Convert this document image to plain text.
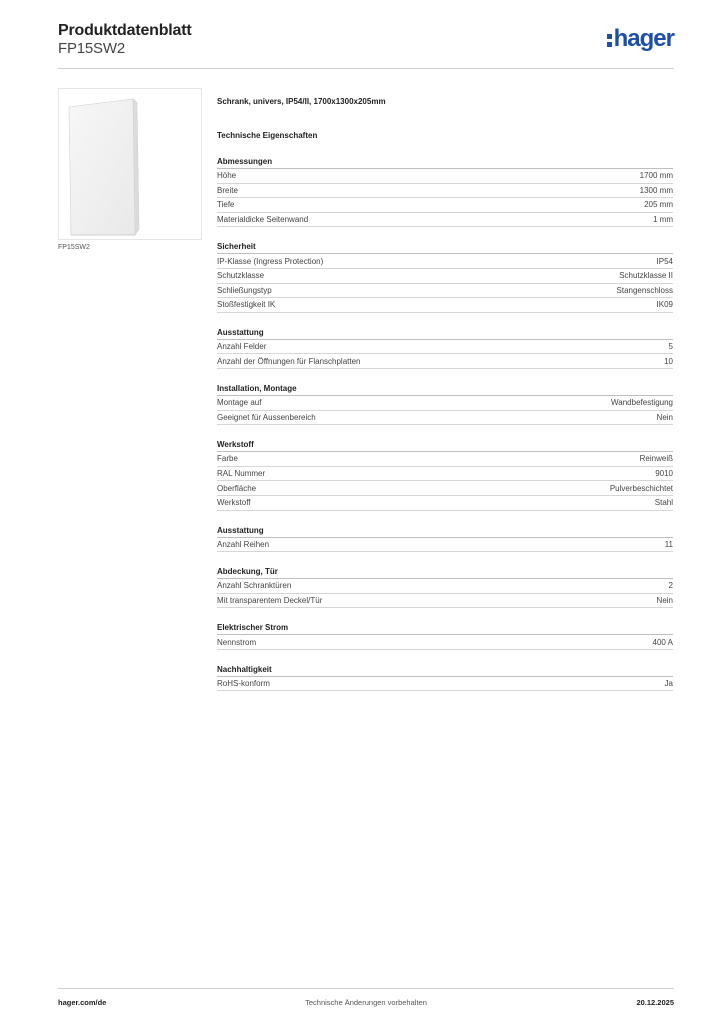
Produktdatenblatt
FP15SW2	hager
FP15SW2
Schrank, univers, IP54/II, 1700x1300x205mm
Technische Eigenschaften
Abmessungen
Höhe	1700 mm
Breite	1300 mm
Tiefe	205 mm
Materialdicke Seitenwand	1 mm
Sicherheit
IP-Klasse (Ingress Protection)	IP54
Schutzklasse	Schutzklasse II
Schließungstyp	Stangenschloss
Stoßfestigkeit IK	IK09
Ausstattung
Anzahl Felder	5
Anzahl der Öffnungen für Flanschplatten	10
Installation, Montage
Montage auf	Wandbefestigung
Geeignet für Aussenbereich	Nein
Werkstoff
Farbe	Reinweiß
RAL Nummer	9010
Oberfläche	Pulverbeschichtet
Werkstoff	Stahl
Ausstattung
Anzahl Reihen	11
Abdeckung, Tür
Anzahl Schranktüren	2
Mit transparentem Deckel/Tür	Nein
Elektrischer Strom
Nennstrom	400 A
Nachhaltigkeit
RoHS-konform	Ja
hager.com/de	Technische Änderungen vorbehalten	20.12.2025
